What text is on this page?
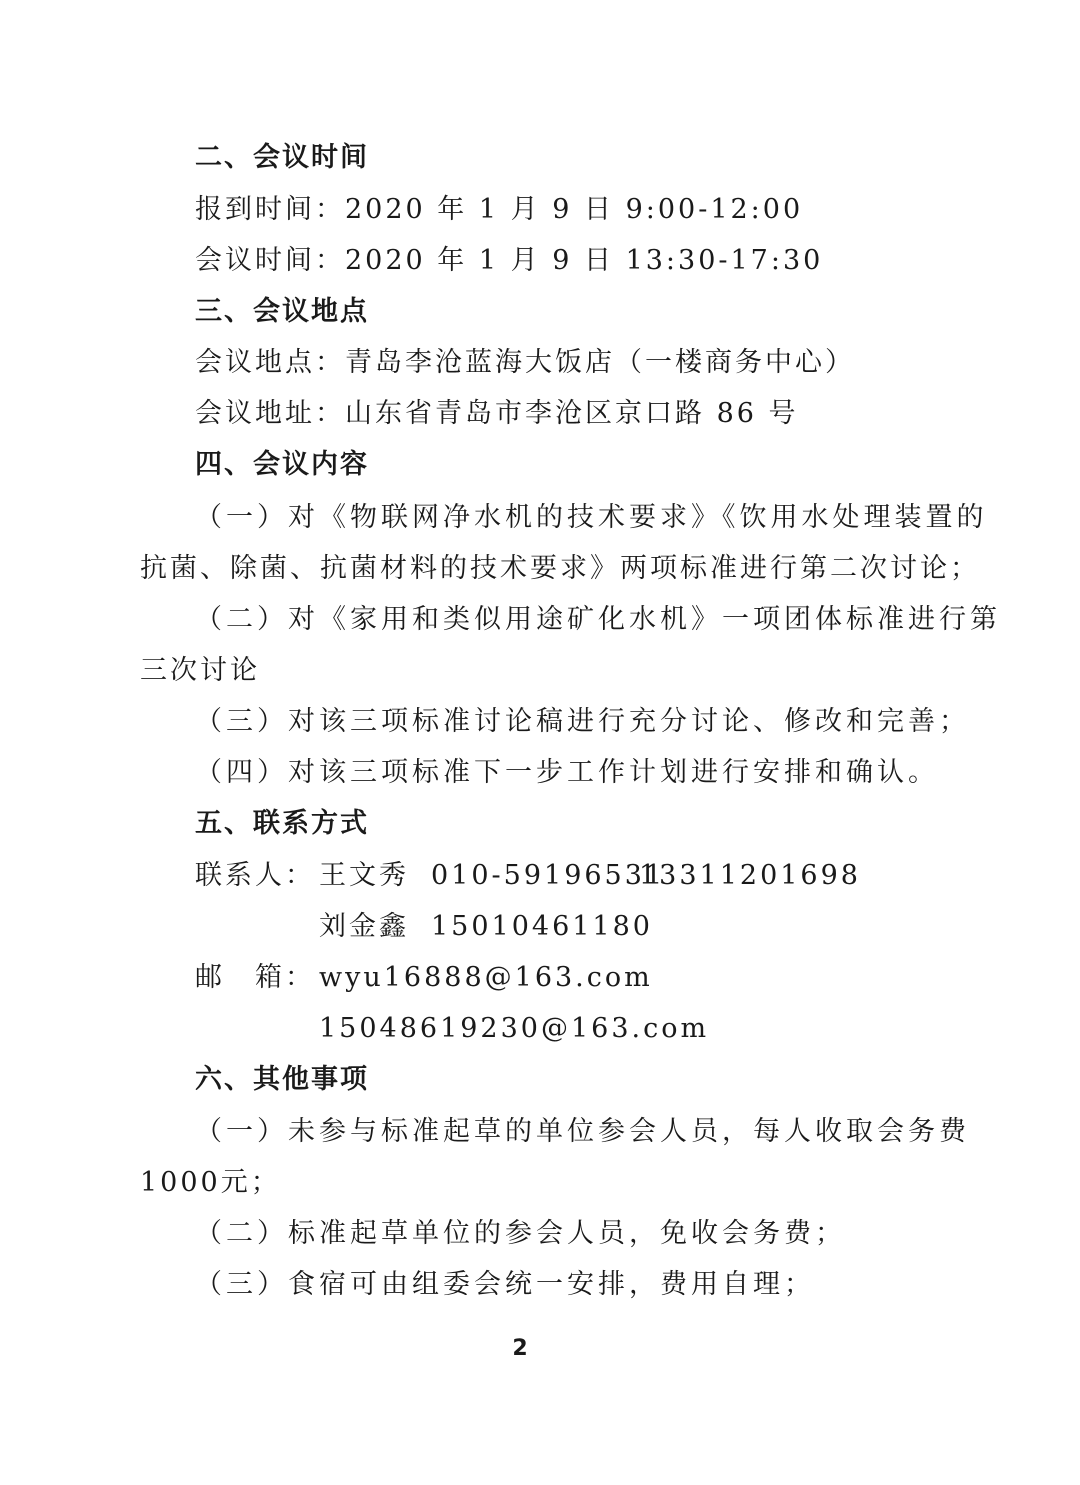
二、会议时间
报到时间：2020 年 1 月 9 日 9:00-12:00
会议时间：2020 年 1 月 9 日 13:30-17:30
三、会议地点
会议地点：青岛李沧蓝海大饭店（一楼商务中心）
会议地址：山东省青岛市李沧区京口路 86 号
四、会议内容
（一）对《物联网净水机的技术要求》《饮用水处理装置的
抗菌、除菌、抗菌材料的技术要求》两项标准进行第二次讨论；
（二）对《家用和类似用途矿化水机》一项团体标准进行第
三次讨论
（三）对该三项标准讨论稿进行充分讨论、修改和完善；
（四）对该三项标准下一步工作计划进行安排和确认。
五、联系方式
联系人： 王文秀 010-5919653113311201698
刘金鑫 15010461180
邮　箱： wyu16888@163.com
15048619230@163.com
六、其他事项
（一）未参与标准起草的单位参会人员，每人收取会务费
1000元；
（二）标准起草单位的参会人员，免收会务费；
（三）食宿可由组委会统一安排，费用自理；
2
